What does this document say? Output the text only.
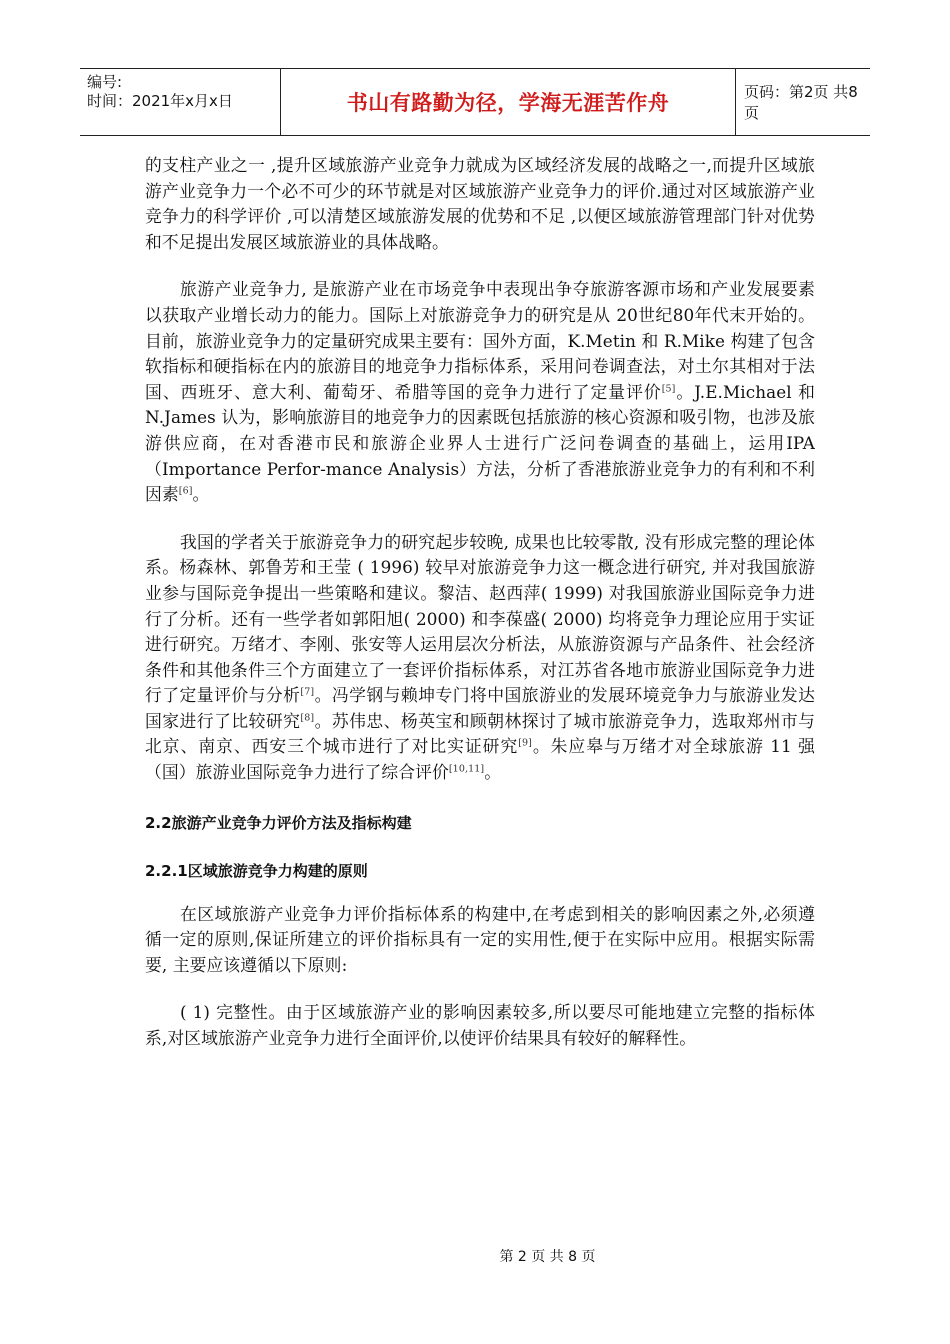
编号:
时间：2021年x月x日	书山有路勤为径，学海无涯苦作舟	页码：第2页 共8页

的支柱产业之一 ,提升区域旅游产业竞争力就成为区域经济发展的战略之一,而提升区域旅游产业竞争力一个必不可少的环节就是对区域旅游产业竞争力的评价.通过对区域旅游产业竞争力的科学评价 ,可以清楚区域旅游发展的优势和不足 ,以便区域旅游管理部门针对优势和不足提出发展区域旅游业的具体战略。

旅游产业竞争力, 是旅游产业在市场竞争中表现出争夺旅游客源市场和产业发展要素以获取产业增长动力的能力。国际上对旅游竞争力的研究是从 20世纪80年代末开始的。目前，旅游业竞争力的定量研究成果主要有：国外方面，K.Metin 和 R.Mike 构建了包含软指标和硬指标在内的旅游目的地竞争力指标体系，采用问卷调查法，对土尔其相对于法国、西班牙、意大利、葡萄牙、希腊等国的竞争力进行了定量评价[5]。J.E.Michael 和N.James 认为，影响旅游目的地竞争力的因素既包括旅游的核心资源和吸引物，也涉及旅游供应商，在对香港市民和旅游企业界人士进行广泛问卷调查的基础上，运用IPA（Importance Perfor-mance Analysis）方法，分析了香港旅游业竞争力的有利和不利因素[6]。

我国的学者关于旅游竞争力的研究起步较晚, 成果也比较零散, 没有形成完整的理论体系。杨森林、郭鲁芳和王莹 ( 1996) 较早对旅游竞争力这一概念进行研究, 并对我国旅游业参与国际竞争提出一些策略和建议。黎洁、赵西萍( 1999) 对我国旅游业国际竞争力进行了分析。还有一些学者如郭阳旭( 2000) 和李葆盛( 2000) 均将竞争力理论应用于实证进行研究。万绪才、李刚、张安等人运用层次分析法，从旅游资源与产品条件、社会经济条件和其他条件三个方面建立了一套评价指标体系，对江苏省各地市旅游业国际竞争力进行了定量评价与分析[7]。冯学钢与赖坤专门将中国旅游业的发展环境竞争力与旅游业发达国家进行了比较研究[8]。苏伟忠、杨英宝和顾朝林探讨了城市旅游竞争力，选取郑州市与北京、南京、西安三个城市进行了对比实证研究[9]。朱应皋与万绪才对全球旅游 11 强（国）旅游业国际竞争力进行了综合评价[10,11]。

2.2旅游产业竞争力评价方法及指标构建

2.2.1区域旅游竞争力构建的原则

在区域旅游产业竞争力评价指标体系的构建中,在考虑到相关的影响因素之外,必须遵循一定的原则,保证所建立的评价指标具有一定的实用性,便于在实际中应用。根据实际需要, 主要应该遵循以下原则:

( 1) 完整性。由于区域旅游产业的影响因素较多,所以要尽可能地建立完整的指标体系,对区域旅游产业竞争力进行全面评价,以使评价结果具有较好的解释性。

第 2 页 共 8 页
